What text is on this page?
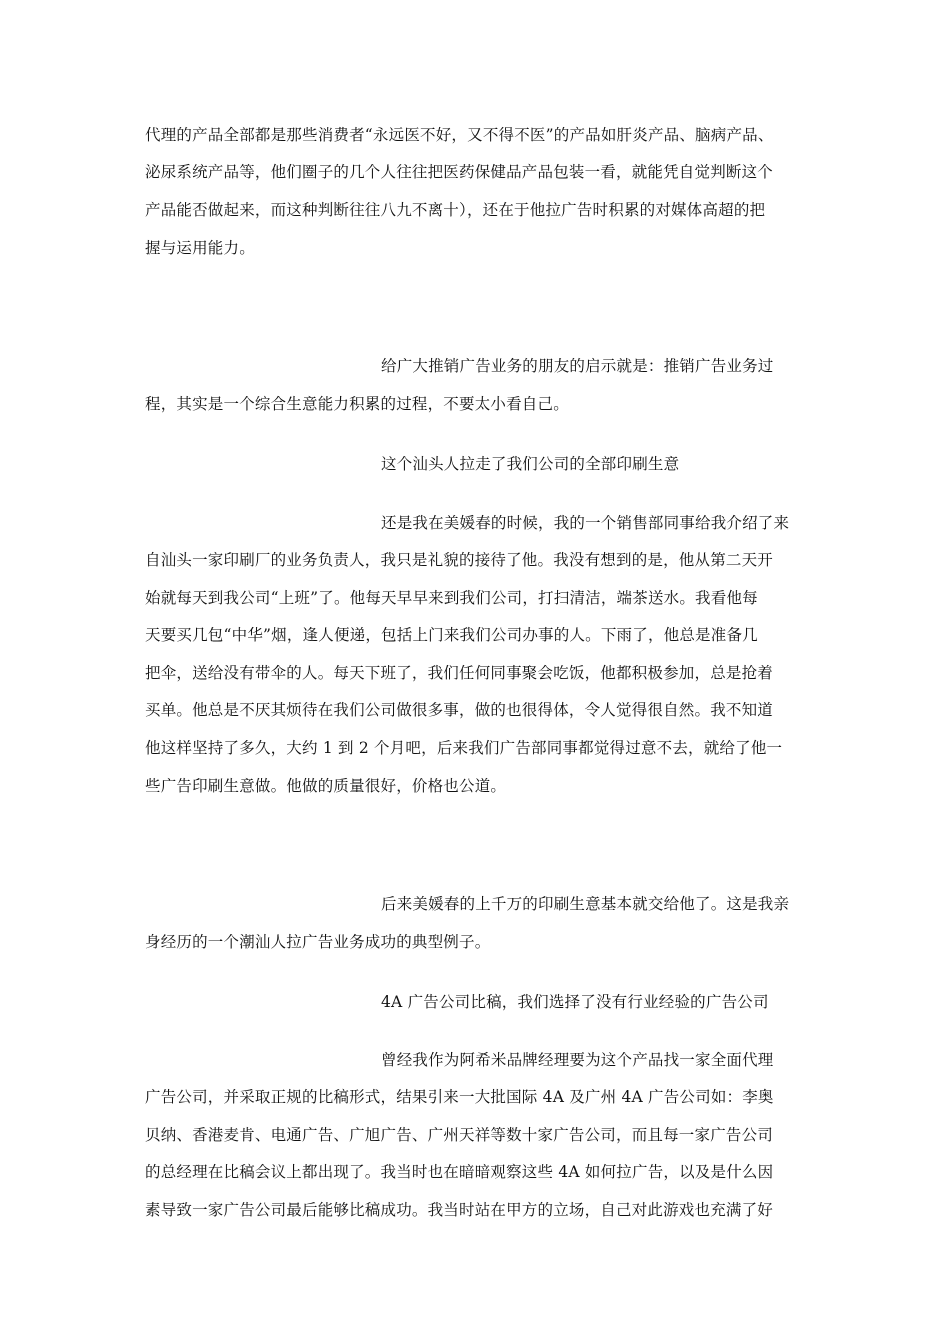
代理的产品全部都是那些消费者“永远医不好，又不得不医”的产品如肝炎产品、脑病产品、
泌尿系统产品等，他们圈子的几个人往往把医药保健品产品包装一看，就能凭自觉判断这个
产品能否做起来，而这种判断往往八九不离十），还在于他拉广告时积累的对媒体高超的把
握与运用能力。
给广大推销广告业务的朋友的启示就是：推销广告业务过
程，其实是一个综合生意能力积累的过程，不要太小看自己。
这个汕头人拉走了我们公司的全部印刷生意
还是我在美媛春的时候，我的一个销售部同事给我介绍了来
自汕头一家印刷厂的业务负责人，我只是礼貌的接待了他。我没有想到的是，他从第二天开
始就每天到我公司“上班”了。他每天早早来到我们公司，打扫清洁，端茶送水。我看他每
天要买几包“中华”烟，逢人便递，包括上门来我们公司办事的人。下雨了，他总是准备几
把伞，送给没有带伞的人。每天下班了，我们任何同事聚会吃饭，他都积极参加，总是抢着
买单。他总是不厌其烦待在我们公司做很多事，做的也很得体，令人觉得很自然。我不知道
他这样坚持了多久，大约 1 到 2 个月吧，后来我们广告部同事都觉得过意不去，就给了他一
些广告印刷生意做。他做的质量很好，价格也公道。
后来美媛春的上千万的印刷生意基本就交给他了。这是我亲
身经历的一个潮汕人拉广告业务成功的典型例子。
4A 广告公司比稿，我们选择了没有行业经验的广告公司
曾经我作为阿希米品牌经理要为这个产品找一家全面代理
广告公司，并采取正规的比稿形式，结果引来一大批国际 4A 及广州 4A 广告公司如：李奥
贝纳、香港麦肯、电通广告、广旭广告、广州天祥等数十家广告公司，而且每一家广告公司
的总经理在比稿会议上都出现了。我当时也在暗暗观察这些 4A 如何拉广告，以及是什么因
素导致一家广告公司最后能够比稿成功。我当时站在甲方的立场，自己对此游戏也充满了好
